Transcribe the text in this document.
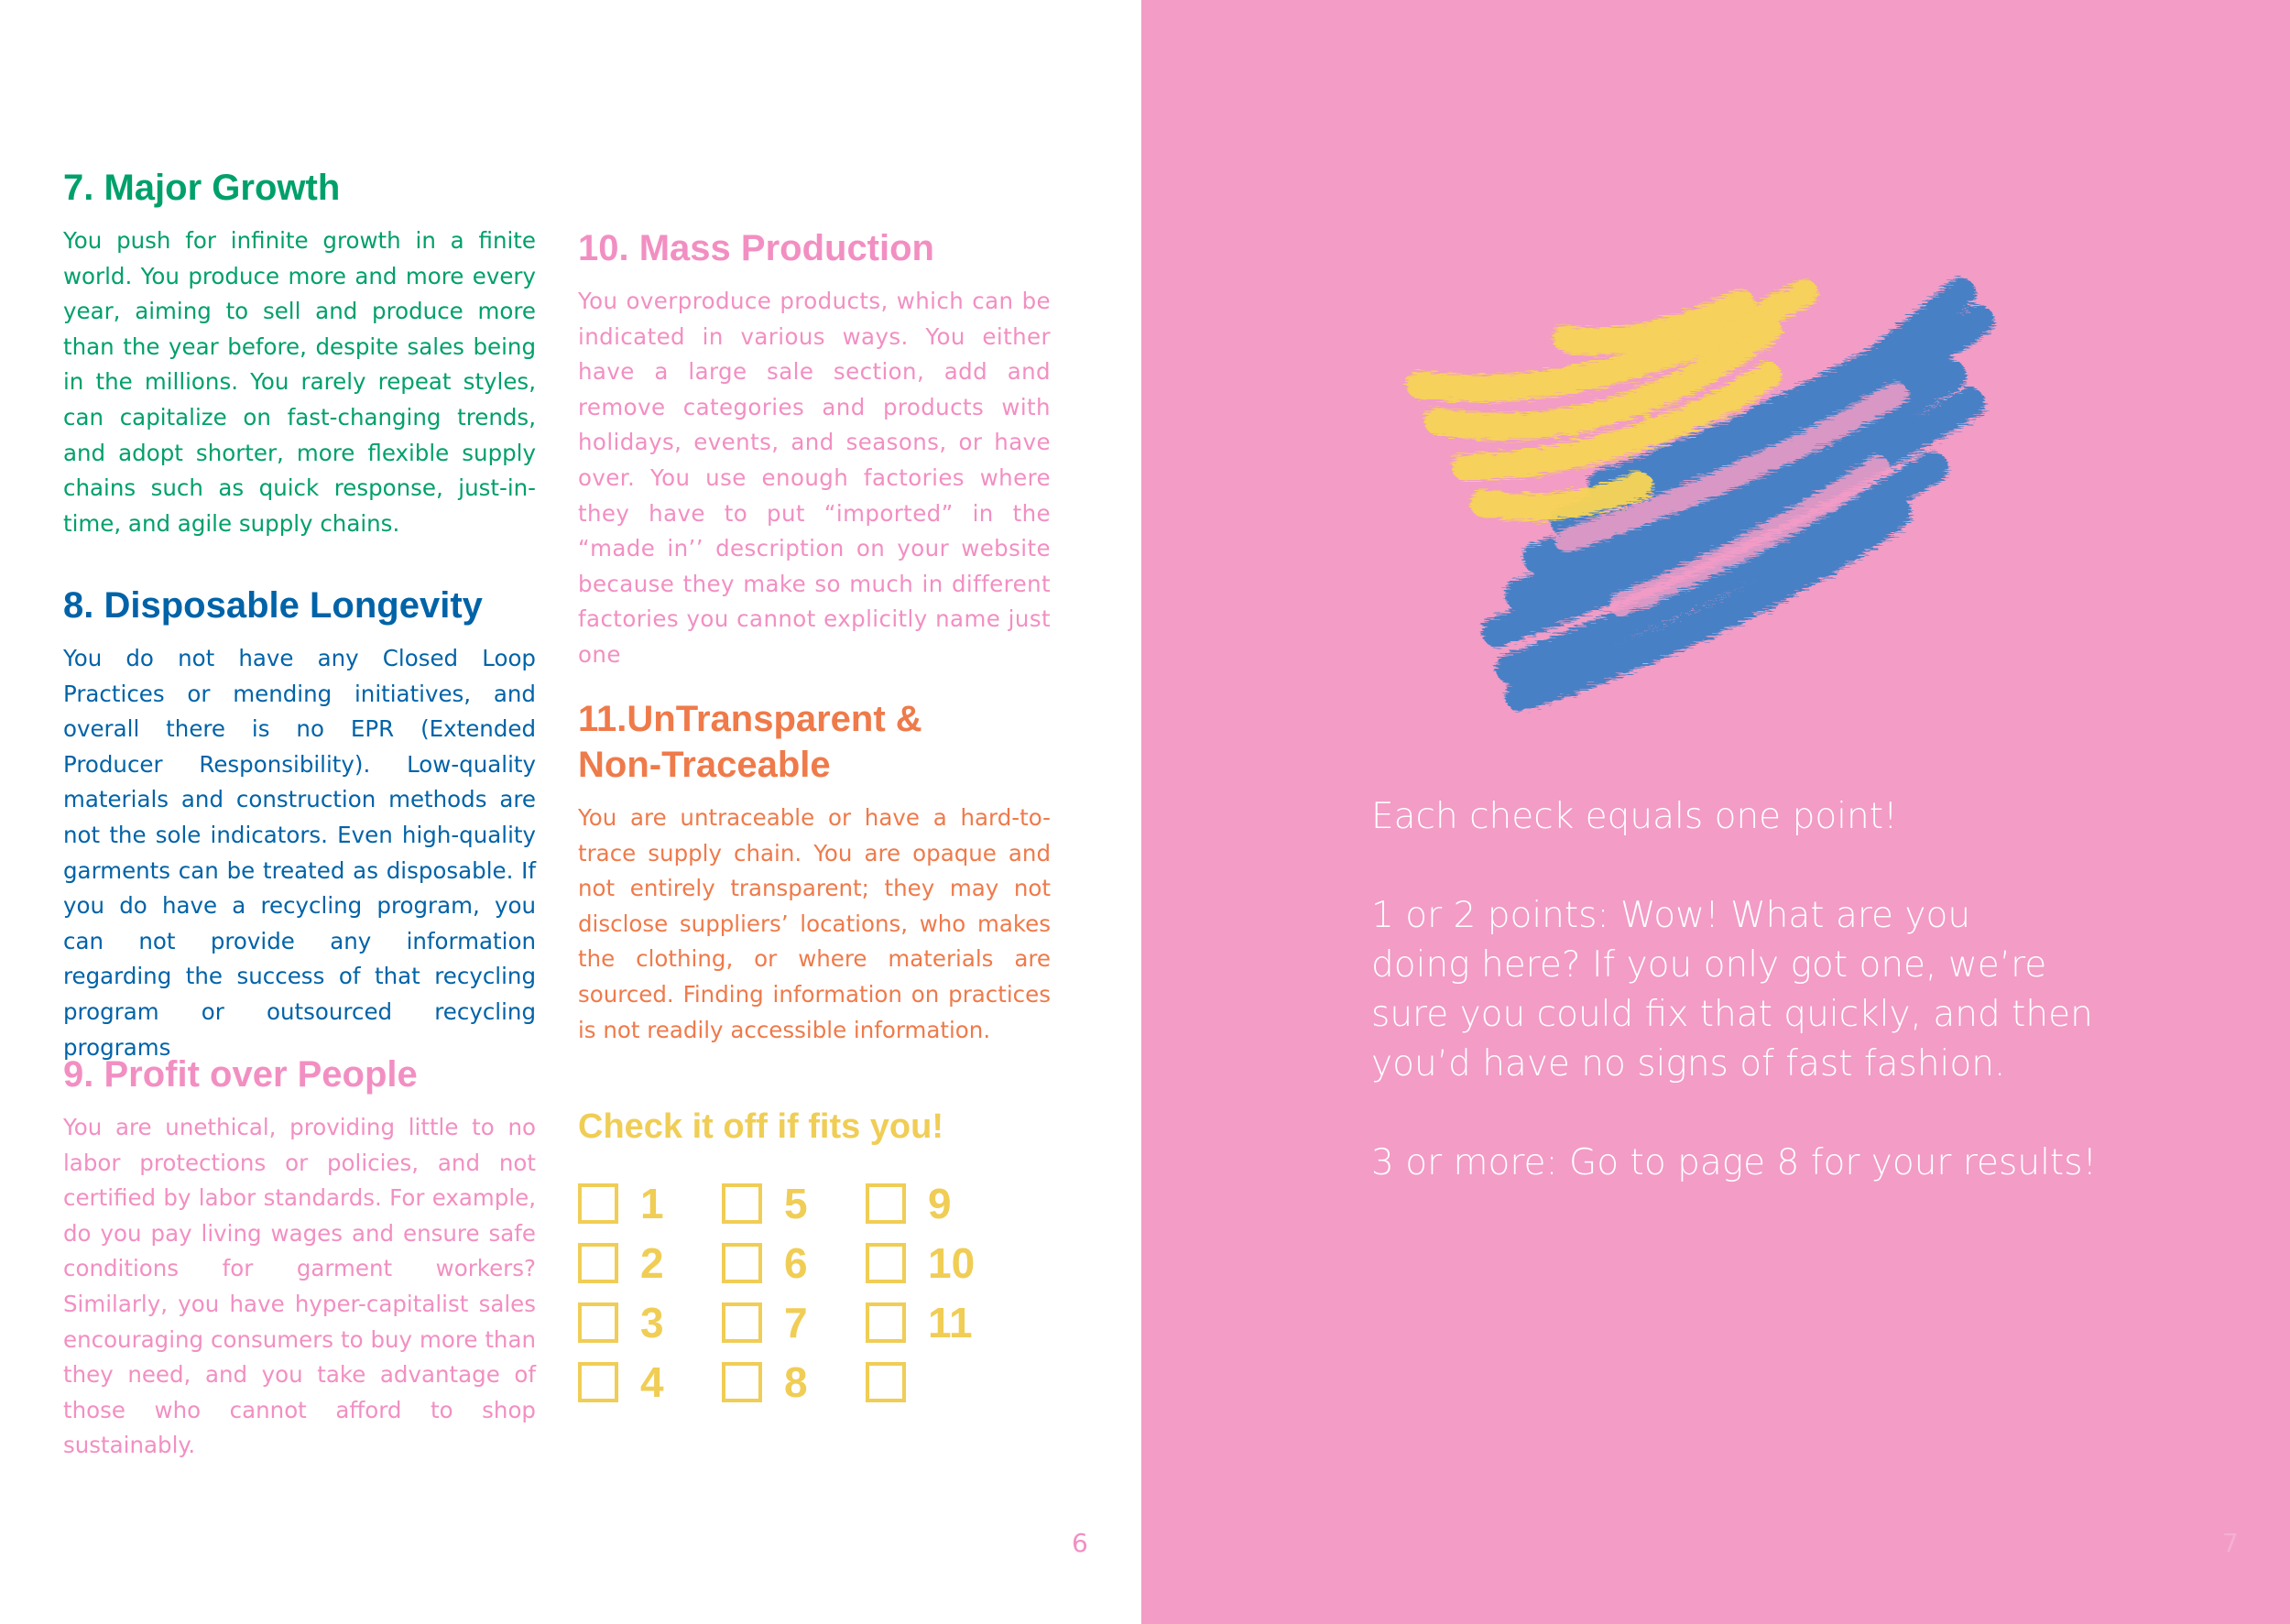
7. Major Growth

You push for infinite growth in a finite world. You produce more and more every year, aiming to sell and produce more than the year before, despite sales being in the millions. You rarely repeat styles, can capitalize on fast-changing trends, and adopt shorter, more flexible supply chains such as quick response, just-in-time, and agile supply chains.

8. Disposable Longevity

You do not have any Closed Loop Practices or mending initiatives, and overall there is no EPR (Extended Producer Responsibility). Low-quality materials and construction methods are not the sole indicators. Even high-quality garments can be treated as disposable. If you do have a recycling program, you can not provide any information regarding the success of that recycling program or outsourced recycling programs

9. Profit over People

You are unethical, providing little to no labor protections or policies, and not certified by labor standards. For example, do you pay living wages and ensure safe conditions for garment workers? Similarly, you have hyper-capitalist sales encouraging consumers to buy more than they need, and you take advantage of those who cannot afford to shop sustainably.

10. Mass Production

You overproduce products, which can be indicated in various ways. You either have a large sale section, add and remove categories and products with holidays, events, and seasons, or have over. You use enough factories where they have to put “imported” in the “made in’’ description on your website because they make so much in different factories you cannot explicitly name just one

11.UnTransparent &
Non-Traceable

You are untraceable or have a hard-to-trace supply chain. You are opaque and not entirely transparent; they may not disclose suppliers’ locations, who makes the clothing, or where materials are sourced. Finding information on practices is not readily accessible information.

Check it off if fits you!
1
2
3
4
5
6
7
8
9
10
11
6	7

Each check equals one point!

1 or 2 points: Wow! What are you

doing here? If you only got one, we’re

sure you could fix that quickly, and then

you’d have no signs of fast fashion.

3 or more: Go to page 8 for your results!
